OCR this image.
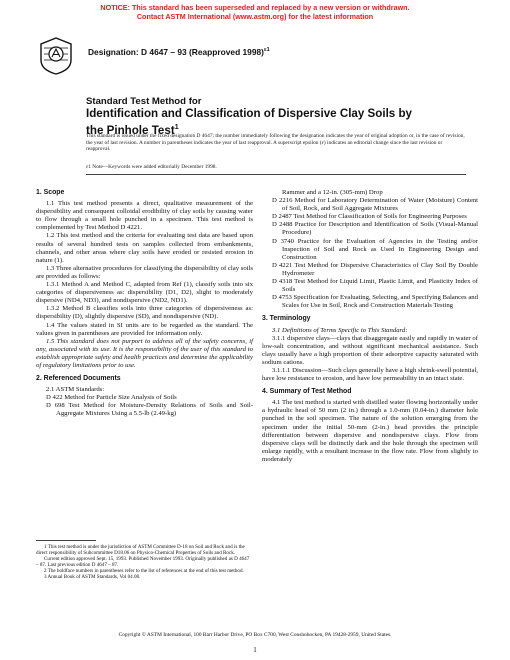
NOTICE: This standard has been superseded and replaced by a new version or withdrawn.
Contact ASTM International (www.astm.org) for the latest information
Designation: D 4647 – 93 (Reapproved 1998)$^{\varepsilon 1}$
Standard Test Method for
Identification and Classification of Dispersive Clay Soils by
the Pinhole Test$^1$
This standard is issued under the fixed designation D 4647; the number immediately following the designation indicates the year of original adoption or, in the case of revision, the year of last revision. A number in parentheses indicates the year of last reapproval. A superscript epsilon (ε) indicates an editorial change since the last revision or reapproval.
ε1 Note—Keywords were added editorially December 1998.
1. Scope

1.1 This test method presents a direct, qualitative measurement of the dispersibility and consequent colloidal erodibility of clay soils by causing water to flow through a small hole punched in a specimen. This test method is complemented by Test Method D 4221.

1.2 This test method and the criteria for evaluating test data are based upon results of several hundred tests on samples collected from embankments, channels, and other areas where clay soils have eroded or resisted erosion in nature (1).

1.3 Three alternative procedures for classifying the dispersibility of clay soils are provided as follows:

1.3.1 Method A and Method C, adapted from Ref (1), classify soils into six categories of dispersiveness as: dispersibility (D1, D2), slight to moderately dispersive (ND4, ND3), and nondispersive (ND2, ND1).

1.3.2 Method B classifies soils into three categories of dispersiveness as: dispersibility (D), slightly dispersive (SD), and nondispersive (ND).

1.4 The values stated in SI units are to be regarded as the standard. The values given in parentheses are provided for information only.

1.5 This standard does not purport to address all of the safety concerns, if any, associated with its use. It is the responsibility of the user of this standard to establish appropriate safety and health practices and determine the applicability of regulatory limitations prior to use.

2. Referenced Documents

2.1 ASTM Standards:

D 422 Method for Particle Size Analysis of Soils

D 698 Test Method for Moisture-Density Relations of Soils and Soil-Aggregate Mixtures Using a 5.5-lb (2.49-kg)

1 This test method is under the jurisdiction of ASTM Committee D-18 on Soil and Rock and is the direct responsibility of Subcommittee D18.06 on Physico-Chemical Properties of Soils and Rock.

Current edition approved Sept. 15, 1993. Published November 1993. Originally published as D 4647 – 87. Last previous edition D 4647 – 87.

2 The boldface numbers in parentheses refer to the list of references at the end of this test method.

3 Annual Book of ASTM Standards, Vol 04.08.

Rammer and a 12-in. (305-mm) Drop

D 2216 Method for Laboratory Determination of Water (Moisture) Content of Soil, Rock, and Soil Aggregate Mixtures

D 2487 Test Method for Classification of Soils for Engineering Purposes

D 2488 Practice for Description and Identification of Soils (Visual-Manual Procedure)

D 3740 Practice for the Evaluation of Agencies in the Testing and/or Inspection of Soil and Rock as Used In Engineering Design and Construction

D 4221 Test Method for Dispersive Characteristics of Clay Soil By Double Hydrometer

D 4318 Test Method for Liquid Limit, Plastic Limit, and Plasticity Index of Soils

D 4753 Specification for Evaluating, Selecting, and Specifying Balances and Scales for Use in Soil, Rock and Construction Materials Testing

3. Terminology

3.1 Definitions of Terms Specific to This Standard:

3.1.1 dispersive clays—clays that disaggregate easily and rapidly in water of low-salt concentration, and without significant mechanical assistance. Such clays usually have a high proportion of their adsorptive capacity saturated with sodium cations.

3.1.1.1 Discussion—Such clays generally have a high shrink-swell potential, have low resistance to erosion, and have low permeability in an intact state.

4. Summary of Test Method

4.1 The test method is started with distilled water flowing horizontally under a hydraulic head of 50 mm (2 in.) through a 1.0-mm (0.04-in.) diameter hole punched in the soil specimen. The nature of the solution emerging from the specimen under the initial 50-mm (2-in.) head provides the principle differentiation between dispersive and nondispersive clays. Flow from dispersive clays will be distinctly dark and the hole through the specimen will enlarge rapidly, with a resultant increase in the flow rate. Flow from slightly to moderately

Copyright © ASTM International, 100 Barr Harbor Drive, PO Box C700, West Conshohocken, PA 19428-2959, United States.
1
